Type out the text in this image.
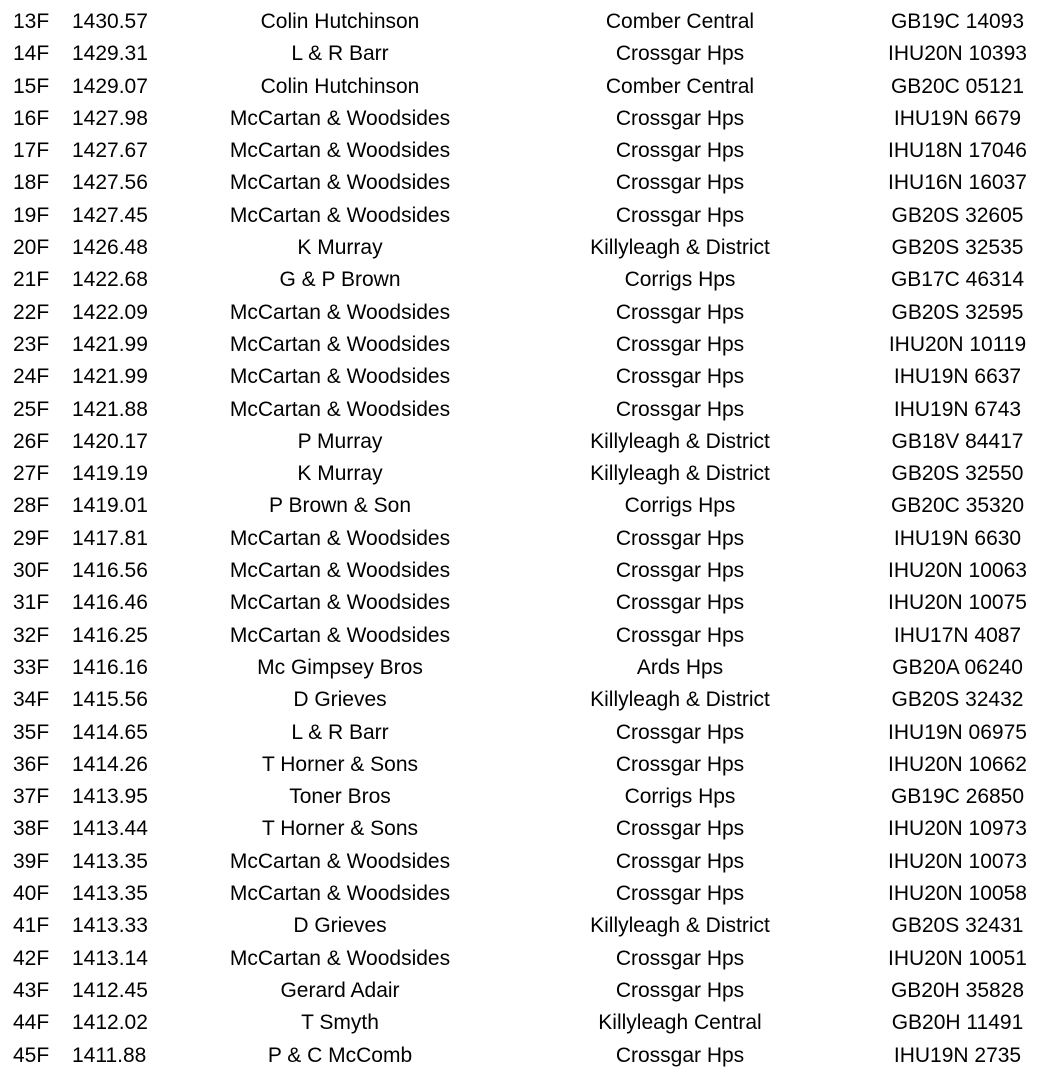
13F 1430.57	Colin Hutchinson	Comber Central	GB19C 14093
14F 1429.31	L & R Barr	Crossgar Hps	IHU20N 10393
15F 1429.07	Colin Hutchinson	Comber Central	GB20C 05121
16F 1427.98	McCartan & Woodsides	Crossgar Hps	IHU19N 6679
17F 1427.67	McCartan & Woodsides	Crossgar Hps	IHU18N 17046
18F 1427.56	McCartan & Woodsides	Crossgar Hps	IHU16N 16037
19F 1427.45	McCartan & Woodsides	Crossgar Hps	GB20S 32605
20F 1426.48	K Murray	Killyleagh & District	GB20S 32535
21F 1422.68	G & P Brown	Corrigs Hps	GB17C 46314
22F 1422.09	McCartan & Woodsides	Crossgar Hps	GB20S 32595
23F 1421.99	McCartan & Woodsides	Crossgar Hps	IHU20N 10119
24F 1421.99	McCartan & Woodsides	Crossgar Hps	IHU19N 6637
25F 1421.88	McCartan & Woodsides	Crossgar Hps	IHU19N 6743
26F 1420.17	P Murray	Killyleagh & District	GB18V 84417
27F 1419.19	K Murray	Killyleagh & District	GB20S 32550
28F 1419.01	P Brown & Son	Corrigs Hps	GB20C 35320
29F 1417.81	McCartan & Woodsides	Crossgar Hps	IHU19N 6630
30F 1416.56	McCartan & Woodsides	Crossgar Hps	IHU20N 10063
31F 1416.46	McCartan & Woodsides	Crossgar Hps	IHU20N 10075
32F 1416.25	McCartan & Woodsides	Crossgar Hps	IHU17N 4087
33F 1416.16	Mc Gimpsey Bros	Ards Hps	GB20A 06240
34F 1415.56	D Grieves	Killyleagh & District	GB20S 32432
35F 1414.65	L & R Barr	Crossgar Hps	IHU19N 06975
36F 1414.26	T Horner & Sons	Crossgar Hps	IHU20N 10662
37F 1413.95	Toner Bros	Corrigs Hps	GB19C 26850
38F 1413.44	T Horner & Sons	Crossgar Hps	IHU20N 10973
39F 1413.35	McCartan & Woodsides	Crossgar Hps	IHU20N 10073
40F 1413.35	McCartan & Woodsides	Crossgar Hps	IHU20N 10058
41F 1413.33	D Grieves	Killyleagh & District	GB20S 32431
42F 1413.14	McCartan & Woodsides	Crossgar Hps	IHU20N 10051
43F 1412.45	Gerard Adair	Crossgar Hps	GB20H 35828
44F 1412.02	T Smyth	Killyleagh Central	GB20H 11491
45F 1411.88	P & C McComb	Crossgar Hps	IHU19N 2735
